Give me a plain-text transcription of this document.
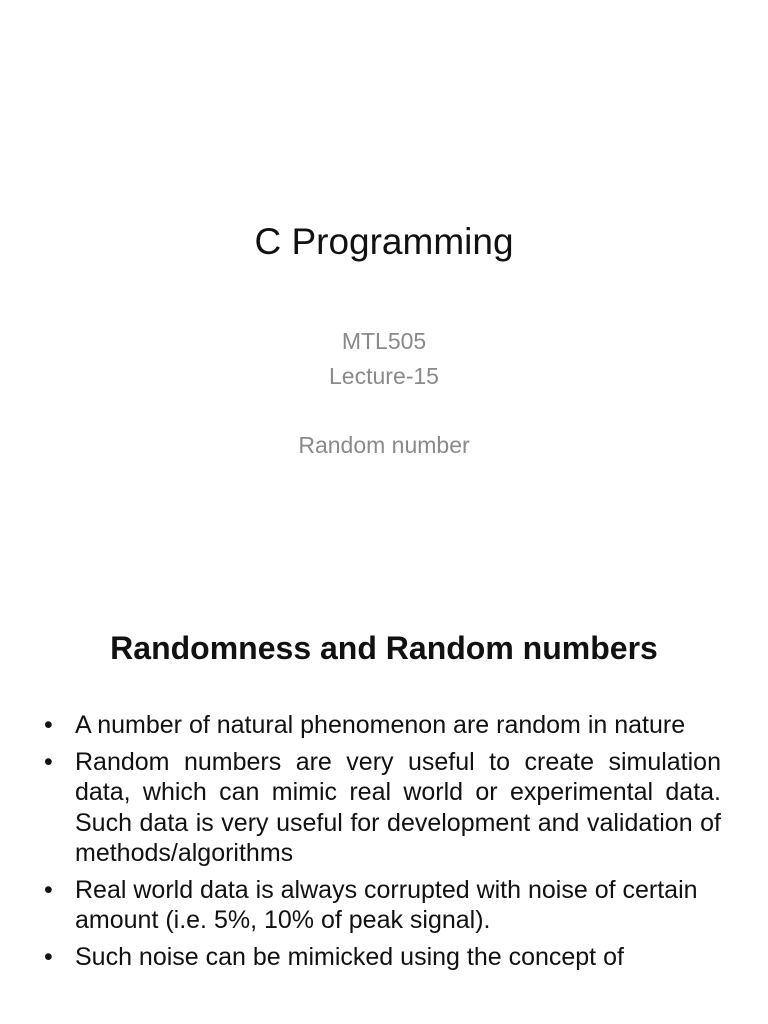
C Programming
MTL505
Lecture-15
Random number
Randomness and Random numbers
• A number of natural phenomenon are random in nature
• Random numbers are very useful to create simulation data, which can mimic real world or experimental data. Such data is very useful for development and validation of methods/algorithms
• Real world data is always corrupted with noise of certain amount (i.e. 5%, 10% of peak signal).
• Such noise can be mimicked using the concept of
